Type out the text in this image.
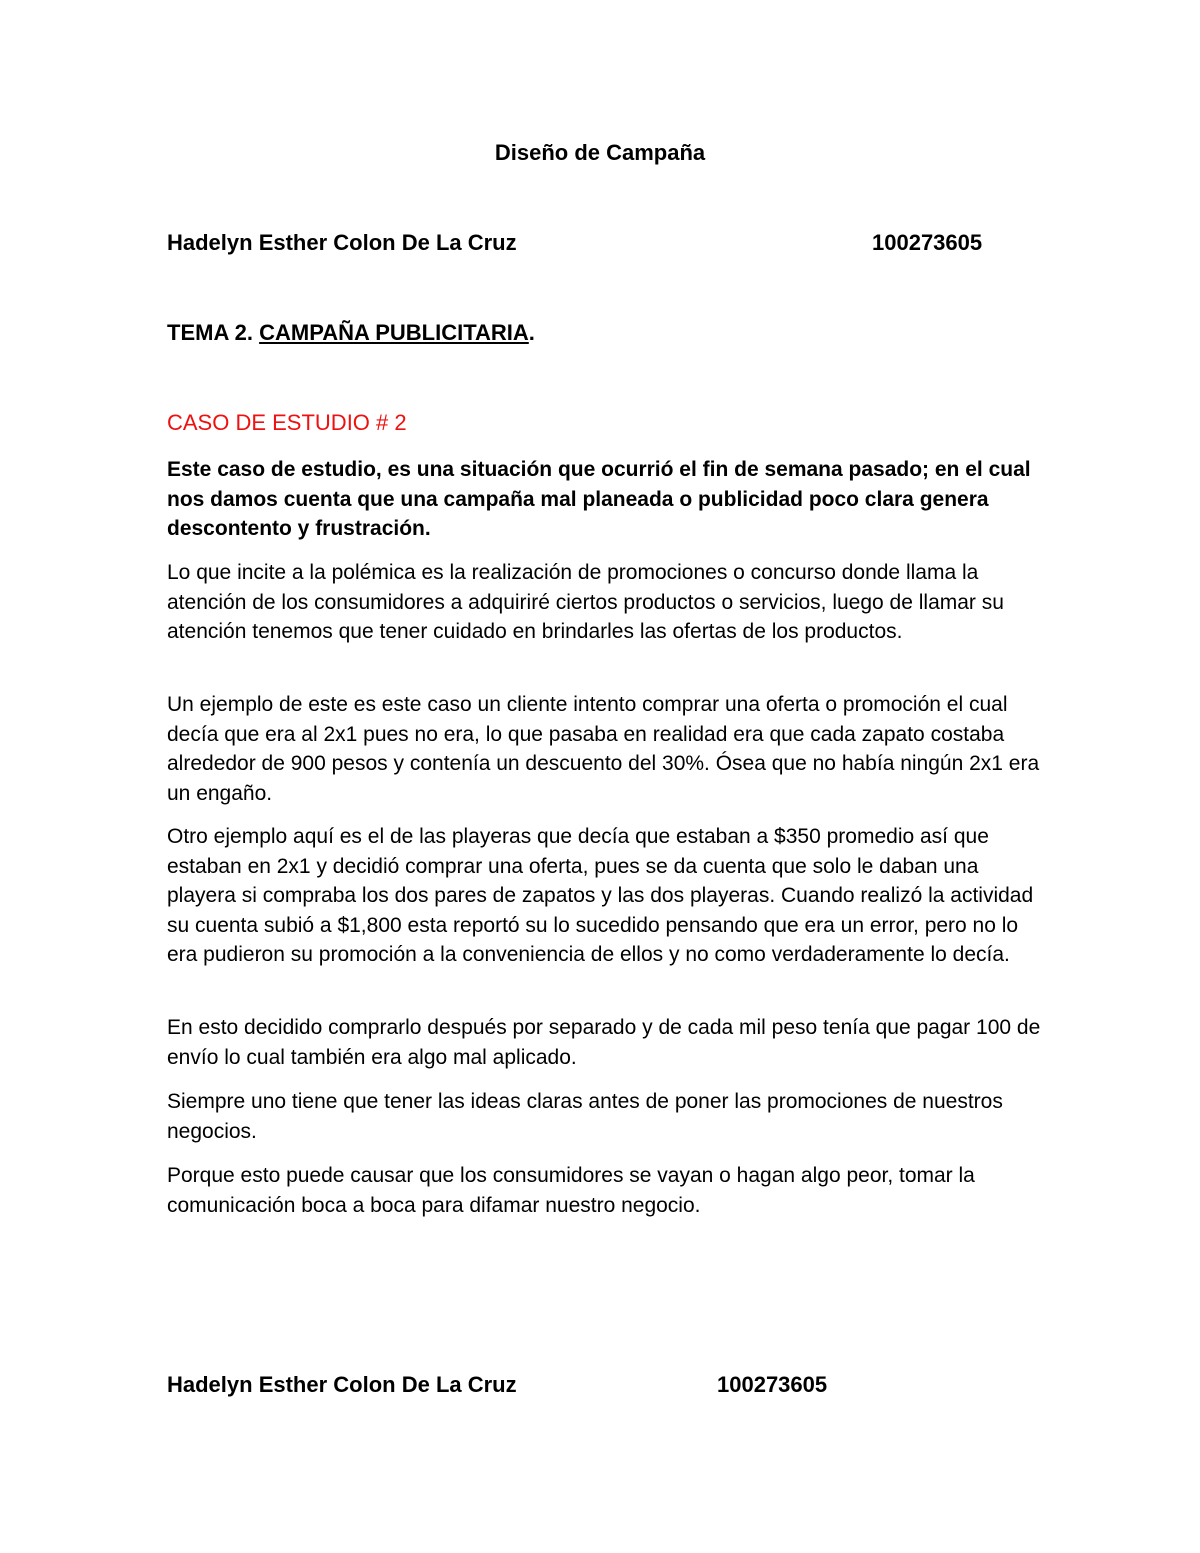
Diseño de Campaña
Hadelyn Esther Colon De La Cruz	100273605
TEMA 2. CAMPAÑA PUBLICITARIA.
CASO DE ESTUDIO # 2
Este caso de estudio, es una situación que ocurrió el fin de semana pasado; en el cual nos damos cuenta que una campaña mal planeada o publicidad poco clara genera descontento y frustración.

Lo que incite a la polémica es la realización de promociones o concurso donde llama la atención de los consumidores a adquiriré ciertos productos o servicios, luego de llamar su atención tenemos que tener cuidado en brindarles las ofertas de los productos.

Un ejemplo de este es este caso un cliente intento comprar una oferta o promoción el cual decía que era al 2x1 pues no era, lo que pasaba en realidad era que cada zapato costaba alrededor de 900 pesos y contenía un descuento del 30%. Ósea que no había ningún 2x1 era un engaño.

Otro ejemplo aquí es el de las playeras que decía que estaban a $350 promedio así que estaban en 2x1 y decidió comprar una oferta, pues se da cuenta que solo le daban una playera si compraba los dos pares de zapatos y las dos playeras. Cuando realizó la actividad su cuenta subió a $1,800 esta reportó su lo sucedido pensando que era un error, pero no lo era pudieron su promoción a la conveniencia de ellos y no como verdaderamente lo decía.

En esto decidido comprarlo después por separado y de cada mil peso tenía que pagar 100 de envío lo cual también era algo mal aplicado.

Siempre uno tiene que tener las ideas claras antes de poner las promociones de nuestros negocios.

Porque esto puede causar que los consumidores se vayan o hagan algo peor, tomar la comunicación boca a boca para difamar nuestro negocio.

Hadelyn Esther Colon De La Cruz	100273605
